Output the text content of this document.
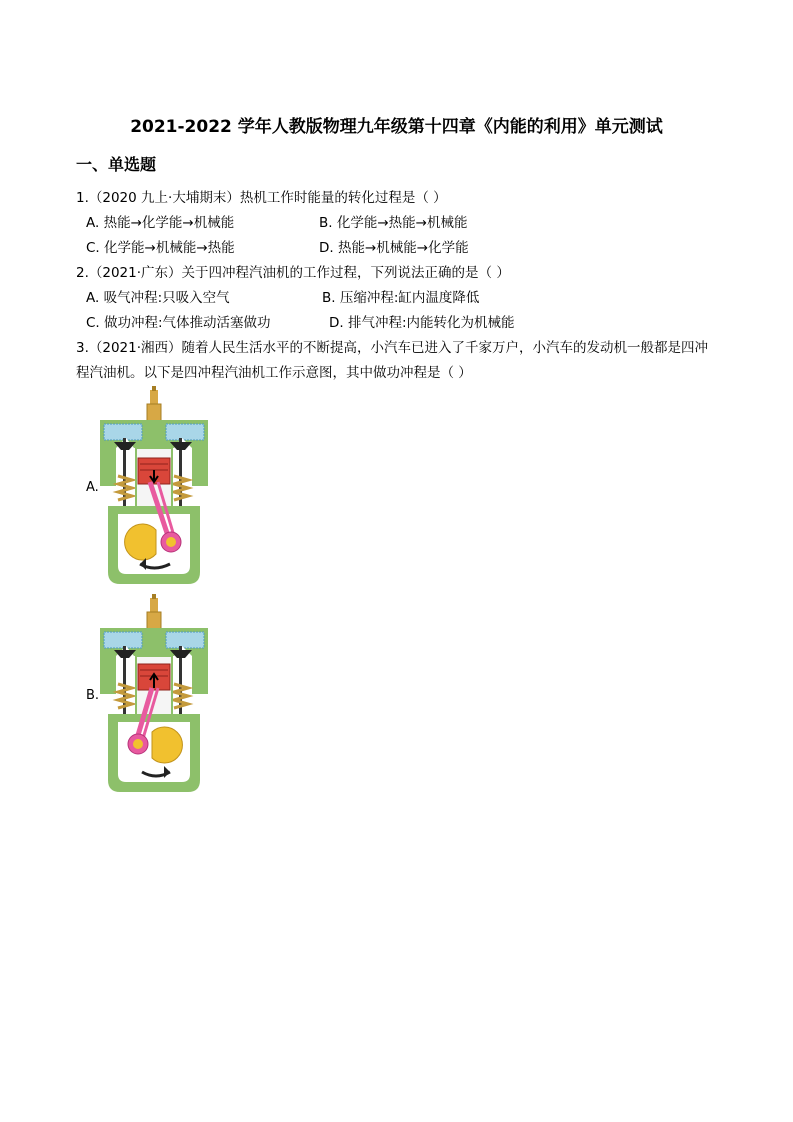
2021-2022 学年人教版物理九年级第十四章《内能的利用》单元测试
一、单选题
1.（2020 九上·大埔期末）热机工作时能量的转化过程是（ ）
A. 热能→化学能→机械能	B. 化学能→热能→机械能
C. 化学能→机械能→热能	D. 热能→机械能→化学能
2.（2021·广东）关于四冲程汽油机的工作过程，下列说法正确的是（ ）
A. 吸气冲程:只吸入空气	B. 压缩冲程:缸内温度降低
C. 做功冲程:气体推动活塞做功	D. 排气冲程:内能转化为机械能
3.（2021·湘西）随着人民生活水平的不断提高，小汽车已进入了千家万户，小汽车的发动机一般都是四冲
程汽油机。以下是四冲程汽油机工作示意图，其中做功冲程是（ ）
A.
B.
